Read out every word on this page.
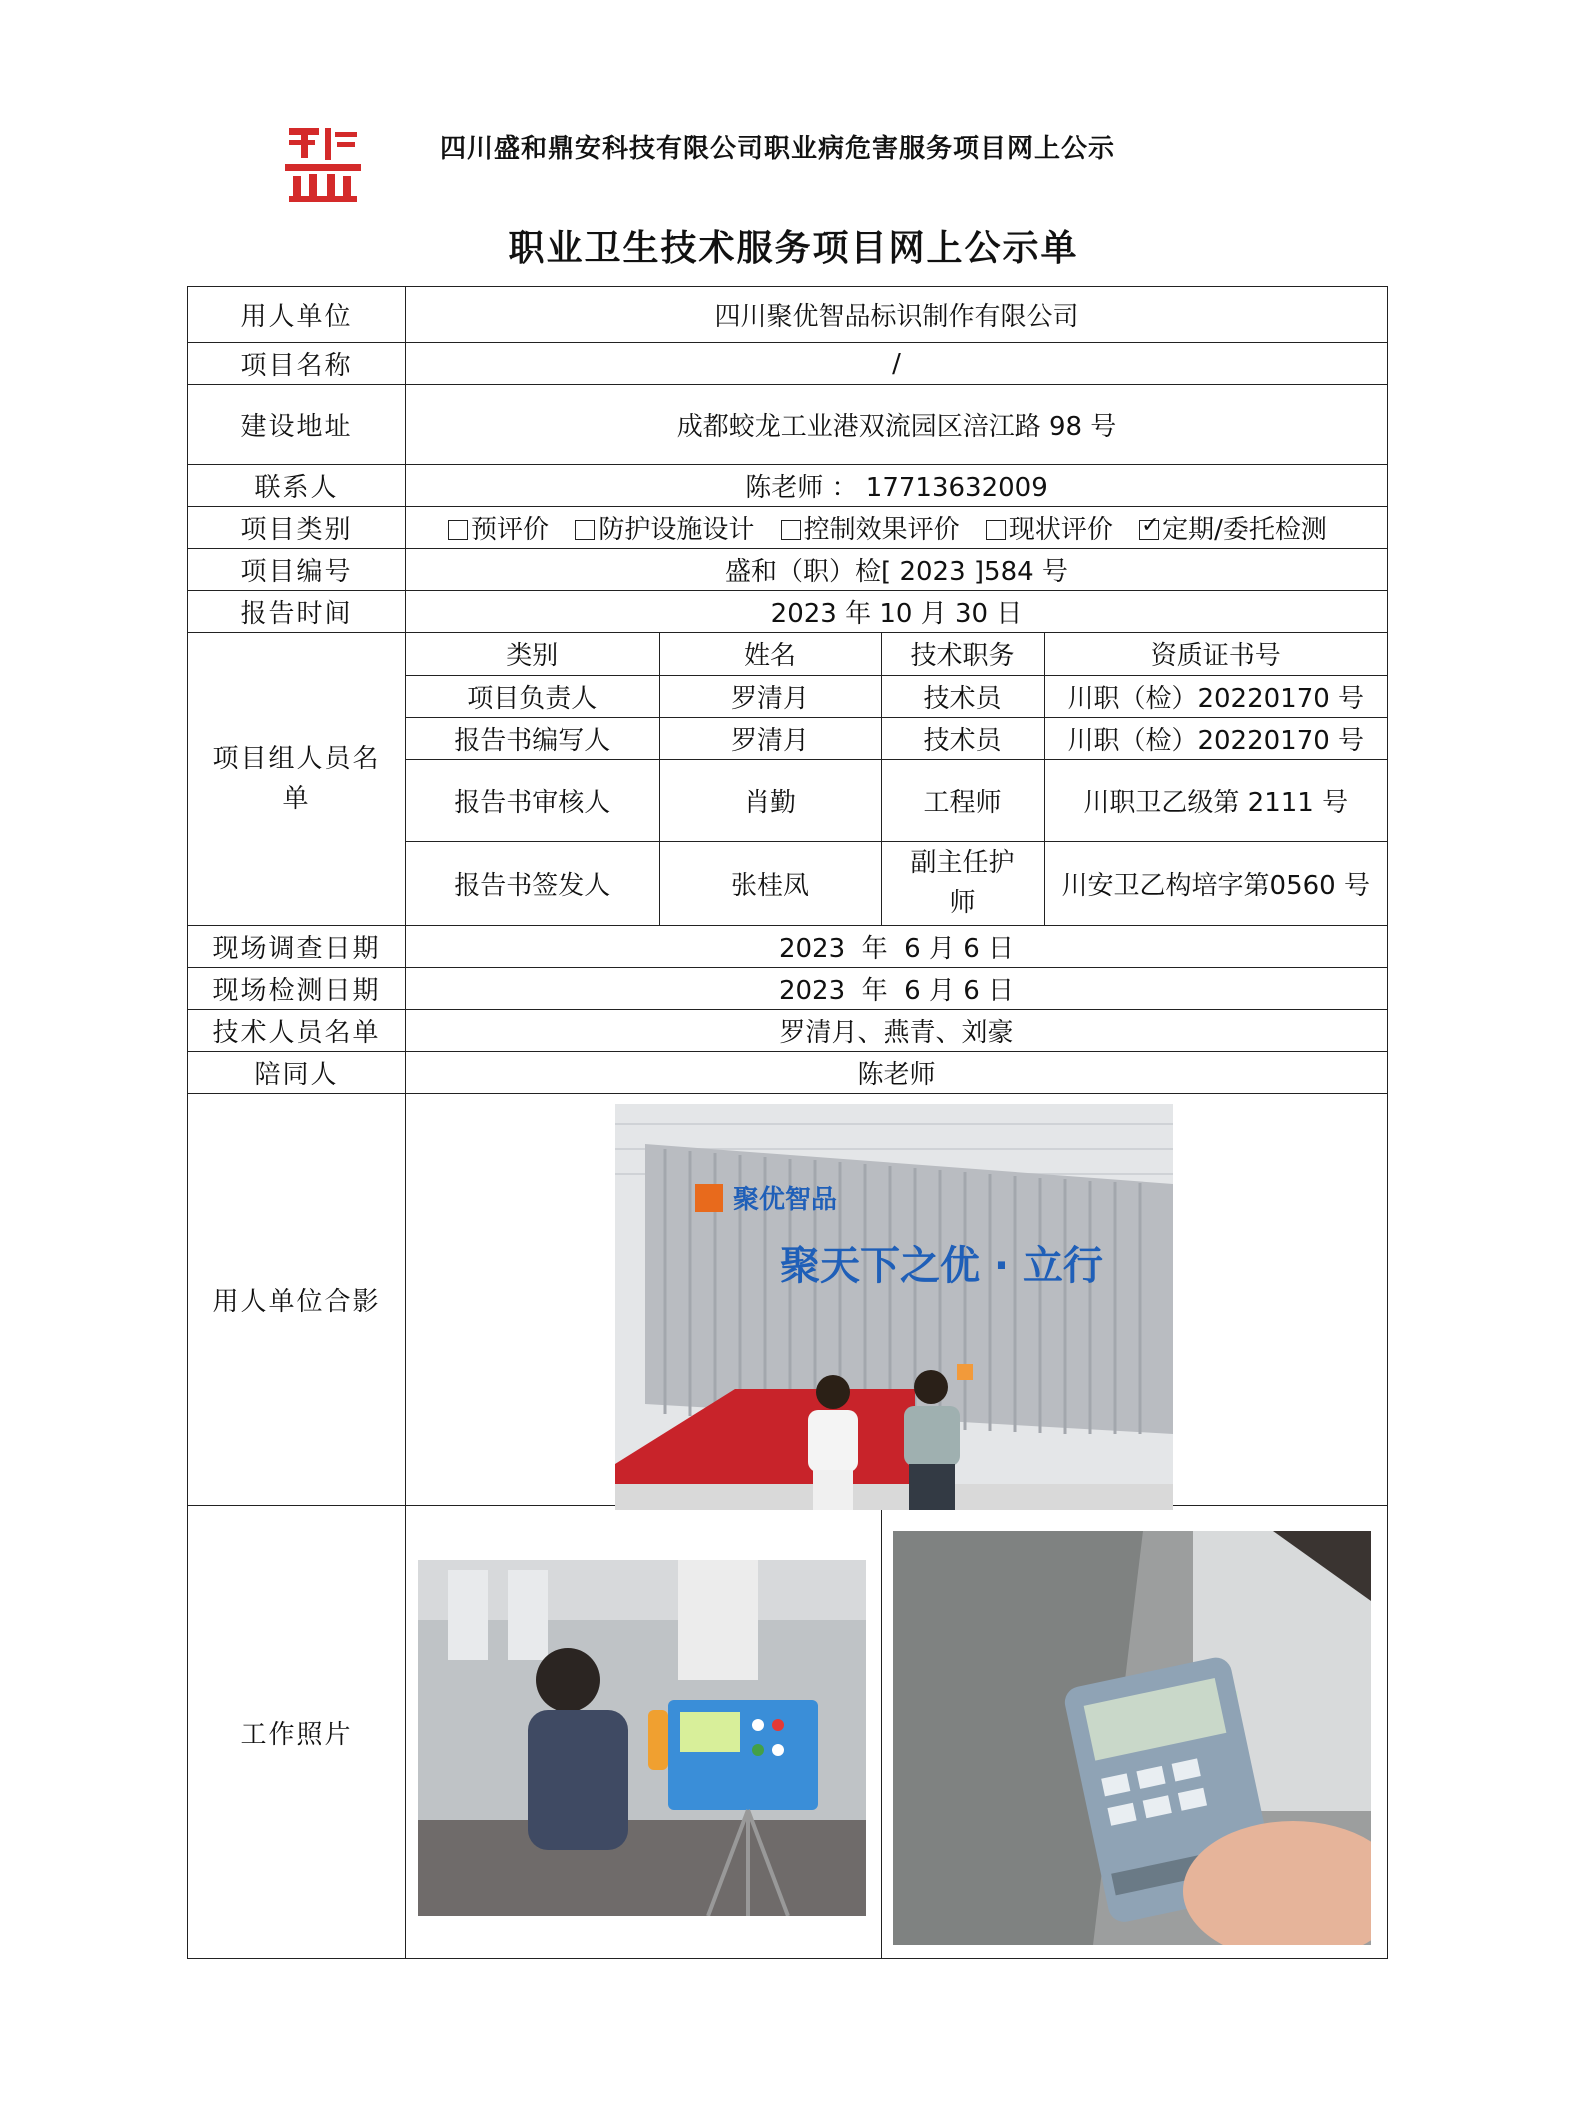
四川盛和鼎安科技有限公司职业病危害服务项目网上公示
职业卫生技术服务项目网上公示单
用人单位	四川聚优智品标识制作有限公司
项目名称	/
建设地址	成都蛟龙工业港双流园区涪江路 98 号
联系人	陈老师 ： 17713632009
项目类别	预评价 防护设施设计 控制效果评价 现状评价 ✓ 定期/委托检测
项目编号	盛和（职）检[ 2023 ]584 号
报告时间	2023 年 10 月 30 日
项目组人员名单	
类别	姓名	技术职务	资质证书号
项目负责人	罗清月	技术员	川职（检）20220170 号
报告书编写人	罗清月	技术员	川职（检）20220170 号
报告书审核人	肖勤	工程师	川职卫乙级第 2111 号
报告书签发人	张桂凤	副主任护师	川安卫乙构培字第0560 号

现场调查日期	2023  年  6 月 6 日
现场检测日期	2023  年  6 月 6 日
技术人员名单	罗清月、燕青、刘豪
陪同人	陈老师
用人单位合影	
工作照片	
聚优智品
聚天下之优 · 立行
